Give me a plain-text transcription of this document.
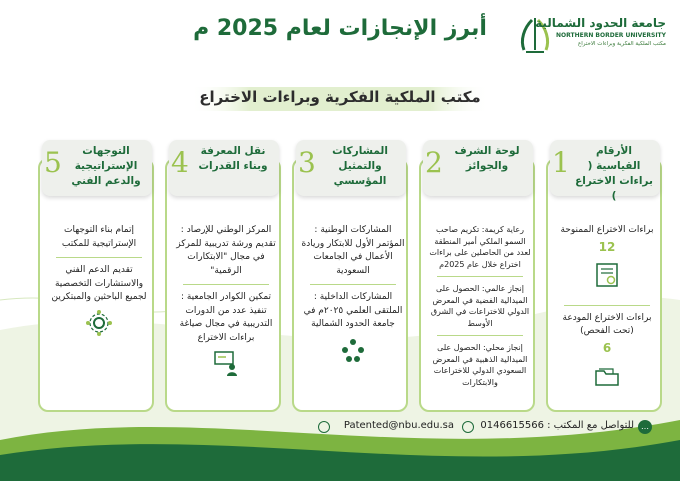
جامعة الحدود الشمالية
NORTHERN BORDER UNIVERSITY
مكتب الملكية الفكرية وبراءات الاختراع
أبرز الإنجازات لعام 2025 م
مكتب الملكية الفكرية وبراءات الاختراع
براءات الاختراع الممنوحة
12
براءات الاختراع المودعة (تحت الفحص)
6
1	الأرقام القياسية ( براءات الاختراع )
رعاية كريمة: تكريم صاحب السمو الملكي أمير المنطقة لعدد من الحاصلين على براءات اختراع خلال عام 2025م
إنجاز عالمي: الحصول على الميدالية الفضية في المعرض الدولي للاختراعات في الشرق الأوسط
إنجاز محلي: الحصول على الميدالية الذهبية في المعرض السعودي الدولي للاختراعات والابتكارات
2	لوحة الشرف والجوائز
المشاركات الوطنية : المؤتمر الأول للابتكار وريادة الأعمال في الجامعات السعودية
المشاركات الداخلية : الملتقى العلمي ٢٠٢٥م في جامعة الحدود الشمالية
3	المشاركات والتمثيل المؤسسي
المركز الوطني للإرصاد : تقديم ورشة تدريبية للمركز في مجال "الابتكارات الرقمية"
تمكين الكوادر الجامعية : تنفيذ عدد من الدورات التدريبية في مجال صياغة براءات الاختراع
4	نقل المعرفة وبناء القدرات
إتمام بناء التوجهات الإستراتيجية للمكتب
تقديم الدعم الفني والاستشارات التخصصية لجميع الباحثين والمبتكرين
5	التوجهات الإستراتيجية والدعم الفني
…
للتواصل مع المكتب :
0146615566
Patented@nbu.edu.sa
